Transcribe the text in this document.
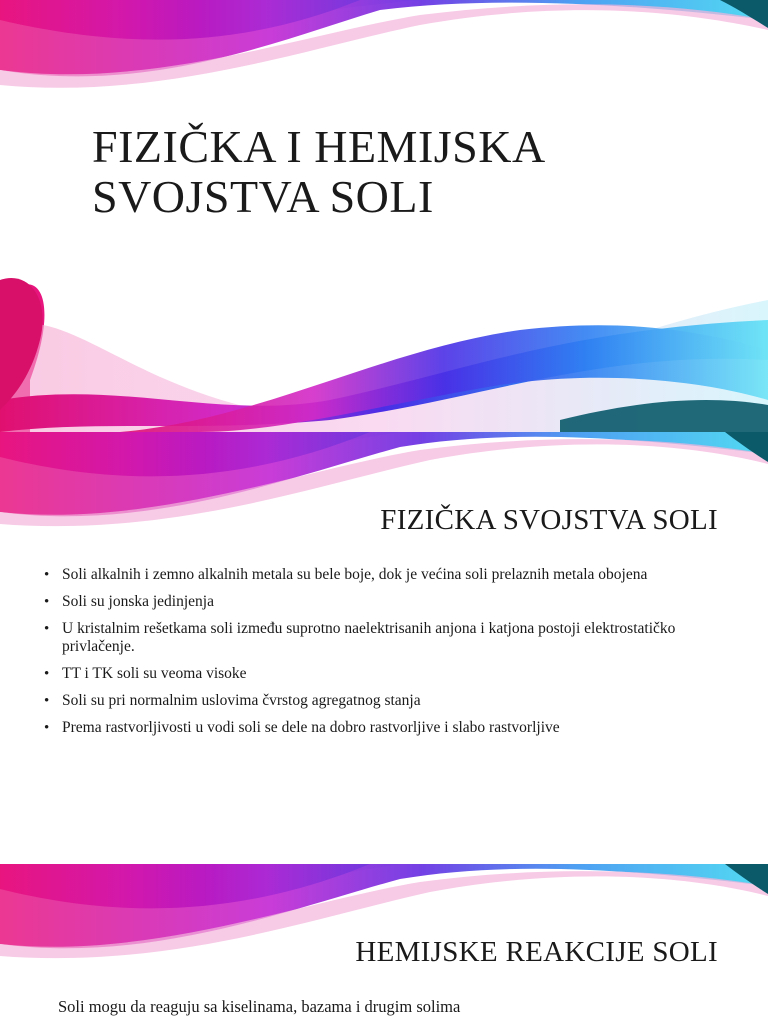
FIZIČKA I HEMIJSKA
SVOJSTVA SOLI
FIZIČKA SVOJSTVA SOLI
• Soli alkalnih i zemno alkalnih metala su bele boje, dok je većina soli prelaznih metala obojena
• Soli su jonska jedinjenja
• U kristalnim rešetkama soli između suprotno naelektrisanih anjona i katjona postoji elektrostatičko privlačenje.
• TT i TK soli su veoma visoke
• Soli su pri normalnim uslovima čvrstog agregatnog stanja
• Prema rastvorljivosti u vodi soli se dele na dobro rastvorljive i slabo rastvorljive
HEMIJSKE REAKCIJE SOLI

Soli mogu da reaguju sa kiselinama, bazama i drugim solima
